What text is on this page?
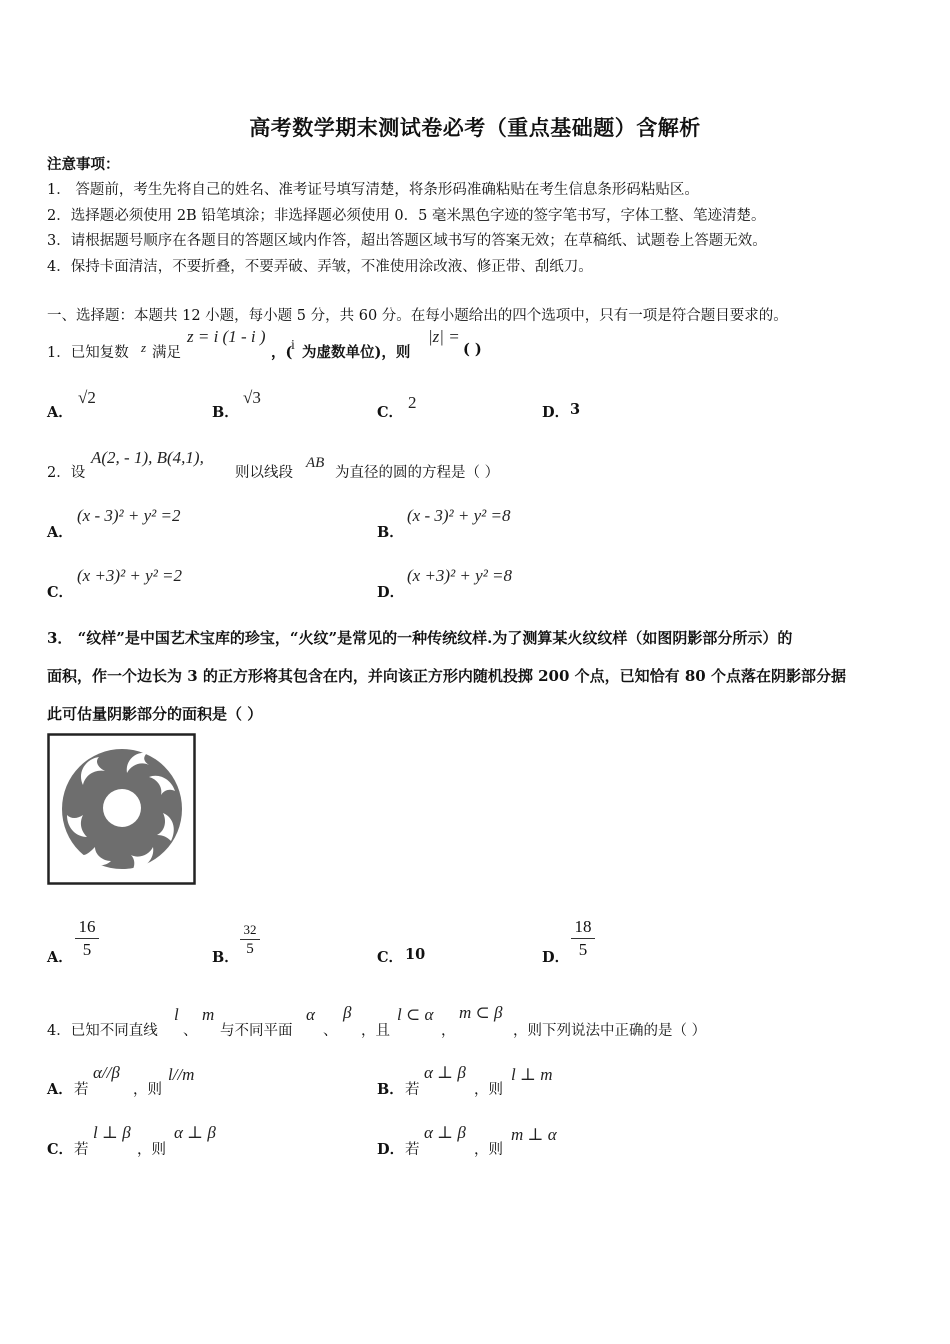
高考数学期末测试卷必考（重点基础题）含解析
注意事项：
1． 答题前，考生先将自己的姓名、准考证号填写清楚，将条形码准确粘贴在考生信息条形码粘贴区。
2．选择题必须使用 2B 铅笔填涂；非选择题必须使用 0．5 毫米黑色字迹的签字笔书写，字体工整、笔迹清楚。
3．请根据题号顺序在各题目的答题区域内作答，超出答题区域书写的答案无效；在草稿纸、试题卷上答题无效。
4．保持卡面清洁，不要折叠，不要弄破、弄皱，不准使用涂改液、修正带、刮纸刀。
一、选择题：本题共 12 小题，每小题 5 分，共 60 分。在每小题给出的四个选项中，只有一项是符合题目要求的。
1．已知复数 z 满足
z = i (1 - i )
，(
i 为虚数单位)，则
|z| =
( )
A．
√2
B．
√3
C．
2
D． 3
2．设
A(2, - 1), B(4,1),
则以线段
AB
为直径的圆的方程是（ ）
A．
(x - 3)² + y² =2
B．
(x - 3)² + y² =8
C．
(x +3)² + y² =2
D．
(x +3)² + y² =8
3． “纹样”是中国艺术宝库的珍宝，“火纹”是常见的一种传统纹样.为了测算某火纹纹样（如图阴影部分所示）的
面积，作一个边长为 3 的正方形将其包含在内，并向该正方形内随机投掷 200 个点，已知恰有 80 个点落在阴影部分据
此可估量阴影部分的面积是（ ）
A．
16
5	B．
32
5	C． 10	D．
18
5
4．已知不同直线
l
、
m
与不同平面
α
、
β
，且
l ⊂ α
，
m ⊂ β
，则下列说法中正确的是（ ）
A． 若
α//β
，则
l//m
B． 若
α ⊥ β
，则
l ⊥ m
C． 若
l ⊥ β
，则
α ⊥ β
D． 若
α ⊥ β
，则
m ⊥ α
